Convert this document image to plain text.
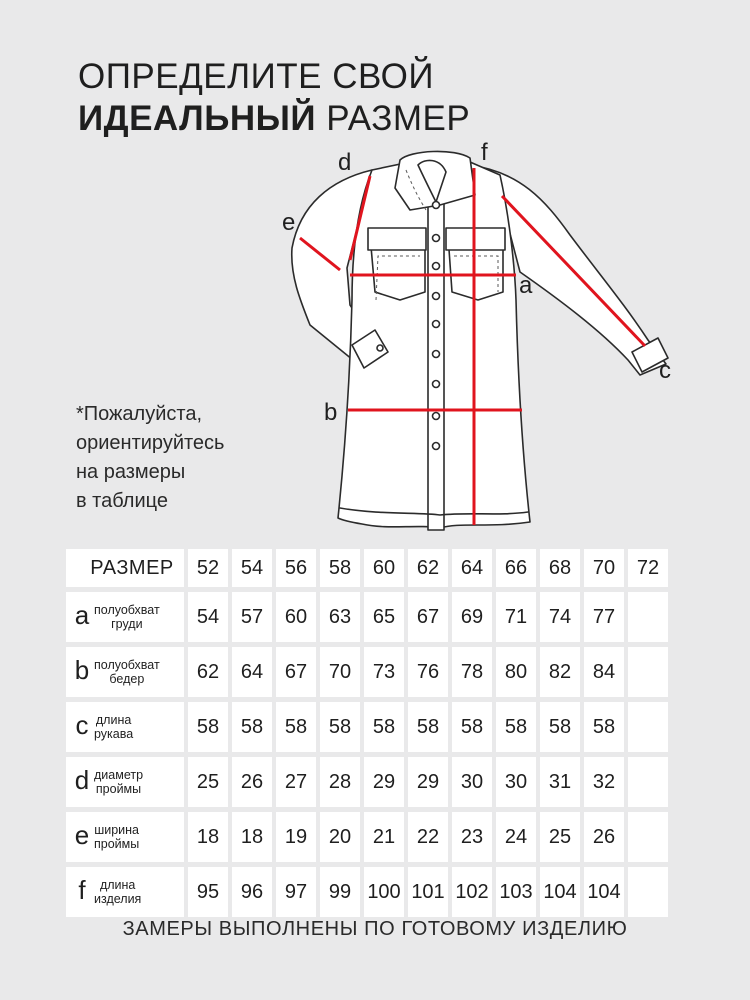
ОПРЕДЕЛИТЕ СВОЙ
ИДЕАЛЬНЫЙ РАЗМЕР
a
b
c
d
e
f
*Пожалуйста,
ориентируйтесь
на размеры
в таблице
РАЗМЕР	52	54	56	58	60	62	64	66	68	70	72

a полуобхват
груди	54	57	60	63	65	67	69	71	74	77	

b полуобхват
бедер	62	64	67	70	73	76	78	80	82	84	

c длина
рукава	58	58	58	58	58	58	58	58	58	58	

d диаметр
проймы	25	26	27	28	29	29	30	30	31	32	

e ширина
проймы	18	18	19	20	21	22	23	24	25	26	

f длина
изделия	95	96	97	99	100	101	102	103	104	104	
ЗАМЕРЫ ВЫПОЛНЕНЫ ПО ГОТОВОМУ ИЗДЕЛИЮ
